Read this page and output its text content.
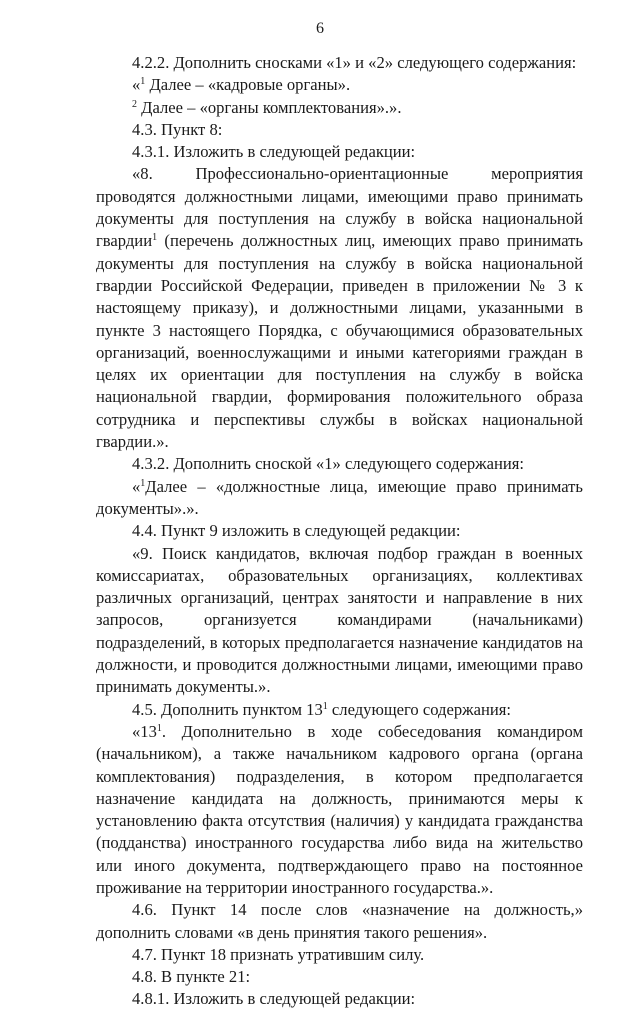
6

4.2.2. Дополнить сносками «1» и «2» следующего содержания:

«$^1$ Далее – «кадровые органы».

$^2$ Далее – «органы комплектования».».

4.3. Пункт 8:

4.3.1. Изложить в следующей редакции:

«8. Профессионально-ориентационные мероприятия проводятся должностными лицами, имеющими право принимать документы для поступления на службу в войска национальной гвардии$^1$ (перечень должностных лиц, имеющих право принимать документы для поступления на службу в войска национальной гвардии Российской Федерации, приведен в приложении № 3 к настоящему приказу), и должностными лицами, указанными в пункте 3 настоящего Порядка, с обучающимися образовательных организаций, военнослужащими и иными категориями граждан в целях их ориентации для поступления на службу в войска национальной гвардии, формирования положительного образа сотрудника и перспективы службы в войсках национальной гвардии.».

4.3.2. Дополнить сноской «1» следующего содержания:

«$^1$Далее – «должностные лица, имеющие право принимать документы».».

4.4. Пункт 9 изложить в следующей редакции:

«9. Поиск кандидатов, включая подбор граждан в военных комиссариатах, образовательных организациях, коллективах различных организаций, центрах занятости и направление в них запросов, организуется командирами (начальниками) подразделений, в которых предполагается назначение кандидатов на должности, и проводится должностными лицами, имеющими право принимать документы.».

4.5. Дополнить пунктом $13^1$ следующего содержания:

«$13^1$. Дополнительно в ходе собеседования командиром (начальником), а также начальником кадрового органа (органа комплектования) подразделения, в котором предполагается назначение кандидата на должность, принимаются меры к установлению факта отсутствия (наличия) у кандидата гражданства (подданства) иностранного государства либо вида на жительство или иного документа, подтверждающего право на постоянное проживание на территории иностранного государства.».

4.6. Пункт 14 после слов «назначение на должность,» дополнить словами «в день принятия такого решения».

4.7. Пункт 18 признать утратившим силу.

4.8. В пункте 21:

4.8.1. Изложить в следующей редакции:
